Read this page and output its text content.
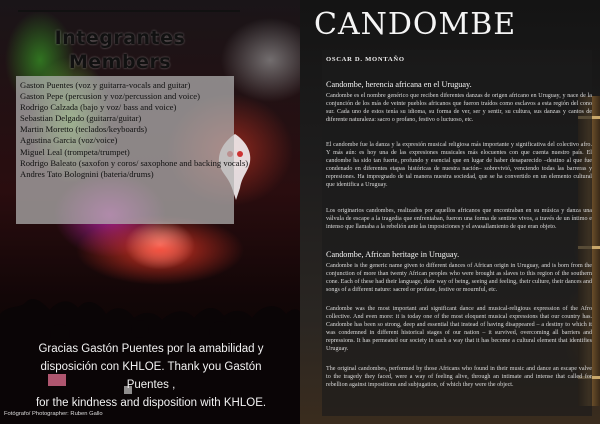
Integrantes
Members
Gaston Puentes (voz y guitarra-vocals and guitar)
Gaston Pepe (percusion y voz/percussion and voice)
Rodrigo Calzada (bajo y voz/ bass and voice)
Sebastian Delgado (guitarra/guitar)
Martin Moretto (teclados/keyboards)
Agustina Garcia (voz/voice)
Miguel Leal (trompeta/trumpet)
Rodrigo Baleato (saxofon y coros/ saxophone and backing vocals)
Andres Tato Bolognini (bateria/drums)
Gracias Gastón Puentes por la amabilidad y
disposición con KHLOE. Thank you Gastón Puentes ,
for the kindness and disposition with KHLOE.
Fotógrafo/ Photographer: Ruben Gallo
CANDOMBE
OSCAR D. MONTAÑO
Candombe, herencia africana en el Uruguay.
Candombe es el nombre genérico que reciben diferentes danzas de origen africano en Uruguay, y nace de la conjunción de los más de veinte pueblos africanos que fueron traídos como esclavos a esta región del cono sur. Cada uno de estos tenía su idioma, su forma de ver, ser y sentir, su cultura, sus danzas y cantos de diferente naturaleza: sacro o profano, festivo o luctuoso, etc.
El candombe fue la danza y la expresión musical religiosa más importante y significativa del colectivo afro. Y más aún: es hoy una de las expresiones musicales más elocuentes con que cuenta nuestro país. El candombe ha sido tan fuerte, profundo y esencial que en lugar de haber desaparecido –destino al que fue condenado en diferentes etapas históricas de nuestra nación– sobrevivió, venciendo todas las barreras y represiones. Ha impregnado de tal manera nuestra sociedad, que se ha convertido en un elemento cultural que identifica a Uruguay.
Los originarios candombes, realizados por aquellos africanos que encontraban en su música y danza una válvula de escape a la tragedia que enfrentaban, fueron una forma de sentirse vivos, a través de un íntimo e intenso que llamaba a la rebelión ante las imposiciones y el avasallamiento de que eran objeto.
Candombe, African heritage in Uruguay.
Candombe is the generic name given to different dances of African origin in Uruguay, and is born from the conjunction of more than twenty African peoples who were brought as slaves to this region of the southern cone. Each of these had their language, their way of being, seeing and feeling, their culture, their dances and songs of a different nature: sacred or profane, festive or mournful, etc.
Candombe was the most important and significant dance and musical-religious expression of the Afro collective. And even more: it is today one of the most eloquent musical expressions that our country has. Candombe has been so strong, deep and essential that instead of having disappeared – a destiny to which it was condemned in different historical stages of our nation – it survived, overcoming all barriers and repressions. It has permeated our society in such a way that it has become a cultural element that identifies Uruguay.
The original candombes, performed by those Africans who found in their music and dance an escape valve to the tragedy they faced, were a way of feeling alive, through an intimate and intense that called for rebellion against impositions and subjugation, of which they were the object.
